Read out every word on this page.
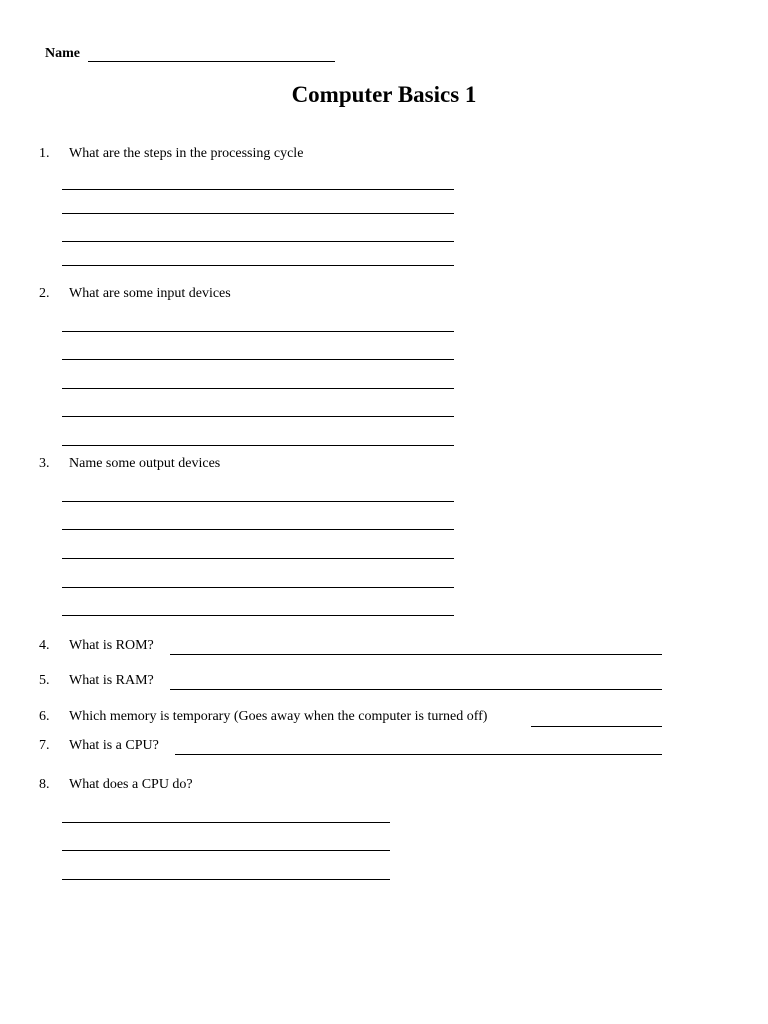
Name
Computer Basics 1
1. What are the steps in the processing cycle
2. What are some input devices
3. Name some output devices
4. What is ROM?
5. What is RAM?
6. Which memory is temporary (Goes away when the computer is turned off)
7. What is a CPU?
8. What does a CPU do?
